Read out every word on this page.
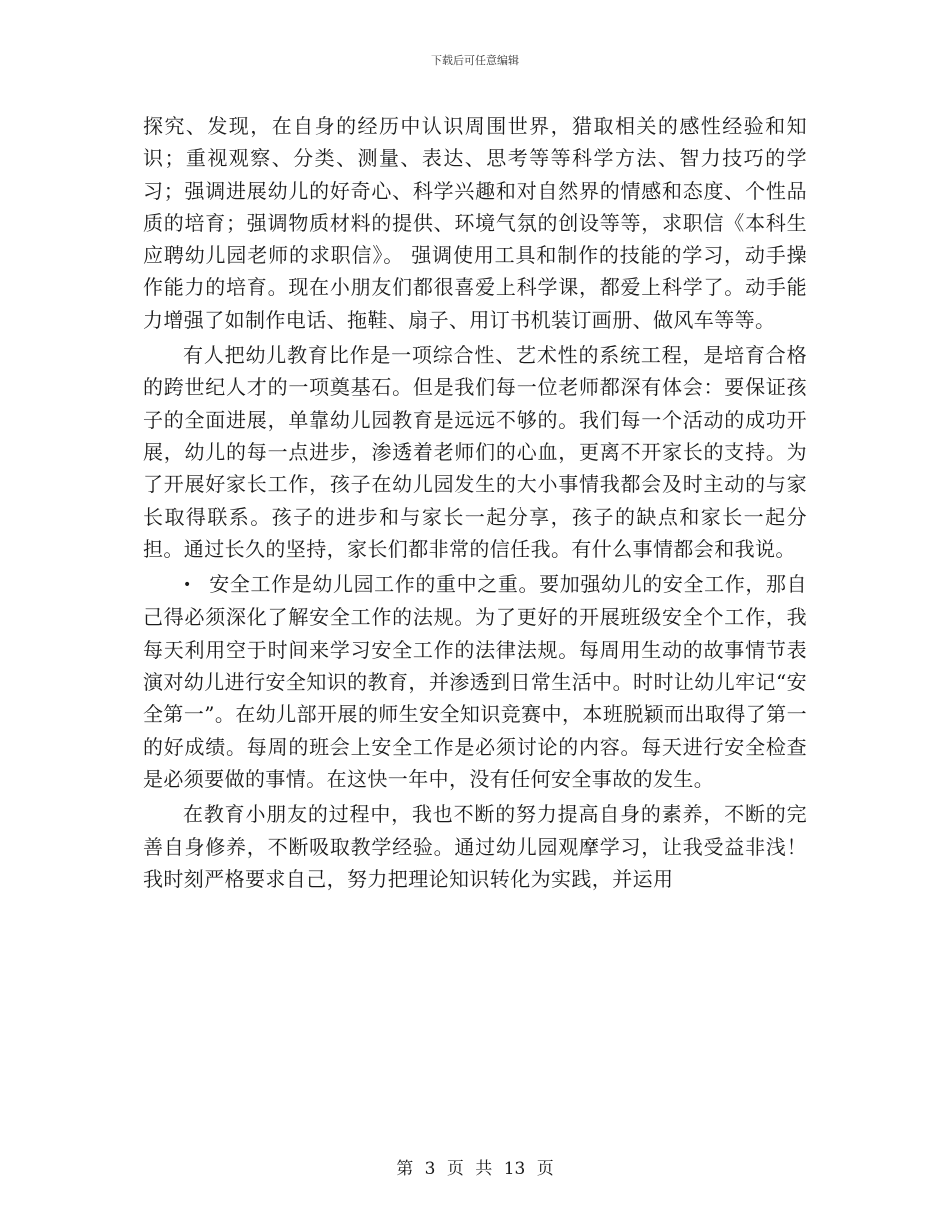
下载后可任意编辑

探究、发现，在自身的经历中认识周围世界，猎取相关的感性经验和知识；重视观察、分类、测量、表达、思考等等科学方法、智力技巧的学习；强调进展幼儿的好奇心、科学兴趣和对自然界的情感和态度、个性品质的培育；强调物质材料的提供、环境气氛的创设等等，求职信《本科生应聘幼儿园老师的求职信》。 强调使用工具和制作的技能的学习，动手操作能力的培育。现在小朋友们都很喜爱上科学课，都爱上科学了。动手能力增强了如制作电话、拖鞋、扇子、用订书机装订画册、做风车等等。

有人把幼儿教育比作是一项综合性、艺术性的系统工程，是培育合格的跨世纪人才的一项奠基石。但是我们每一位老师都深有体会：要保证孩子的全面进展，单靠幼儿园教育是远远不够的。我们每一个活动的成功开展，幼儿的每一点进步，渗透着老师们的心血，更离不开家长的支持。为了开展好家长工作，孩子在幼儿园发生的大小事情我都会及时主动的与家长取得联系。孩子的进步和与家长一起分享，孩子的缺点和家长一起分担。通过长久的坚持，家长们都非常的信任我。有什么事情都会和我说。

• 安全工作是幼儿园工作的重中之重。要加强幼儿的安全工作，那自己得必须深化了解安全工作的法规。为了更好的开展班级安全个工作，我每天利用空于时间来学习安全工作的法律法规。每周用生动的故事情节表演对幼儿进行安全知识的教育，并渗透到日常生活中。时时让幼儿牢记“安全第一”。在幼儿部开展的师生安全知识竞赛中，本班脱颖而出取得了第一的好成绩。每周的班会上安全工作是必须讨论的内容。每天进行安全检查是必须要做的事情。在这快一年中，没有任何安全事故的发生。

在教育小朋友的过程中，我也不断的努力提高自身的素养，不断的完善自身修养，不断吸取教学经验。通过幼儿园观摩学习，让我受益非浅！我时刻严格要求自己，努力把理论知识转化为实践，并运用

第 3 页 共 13 页
